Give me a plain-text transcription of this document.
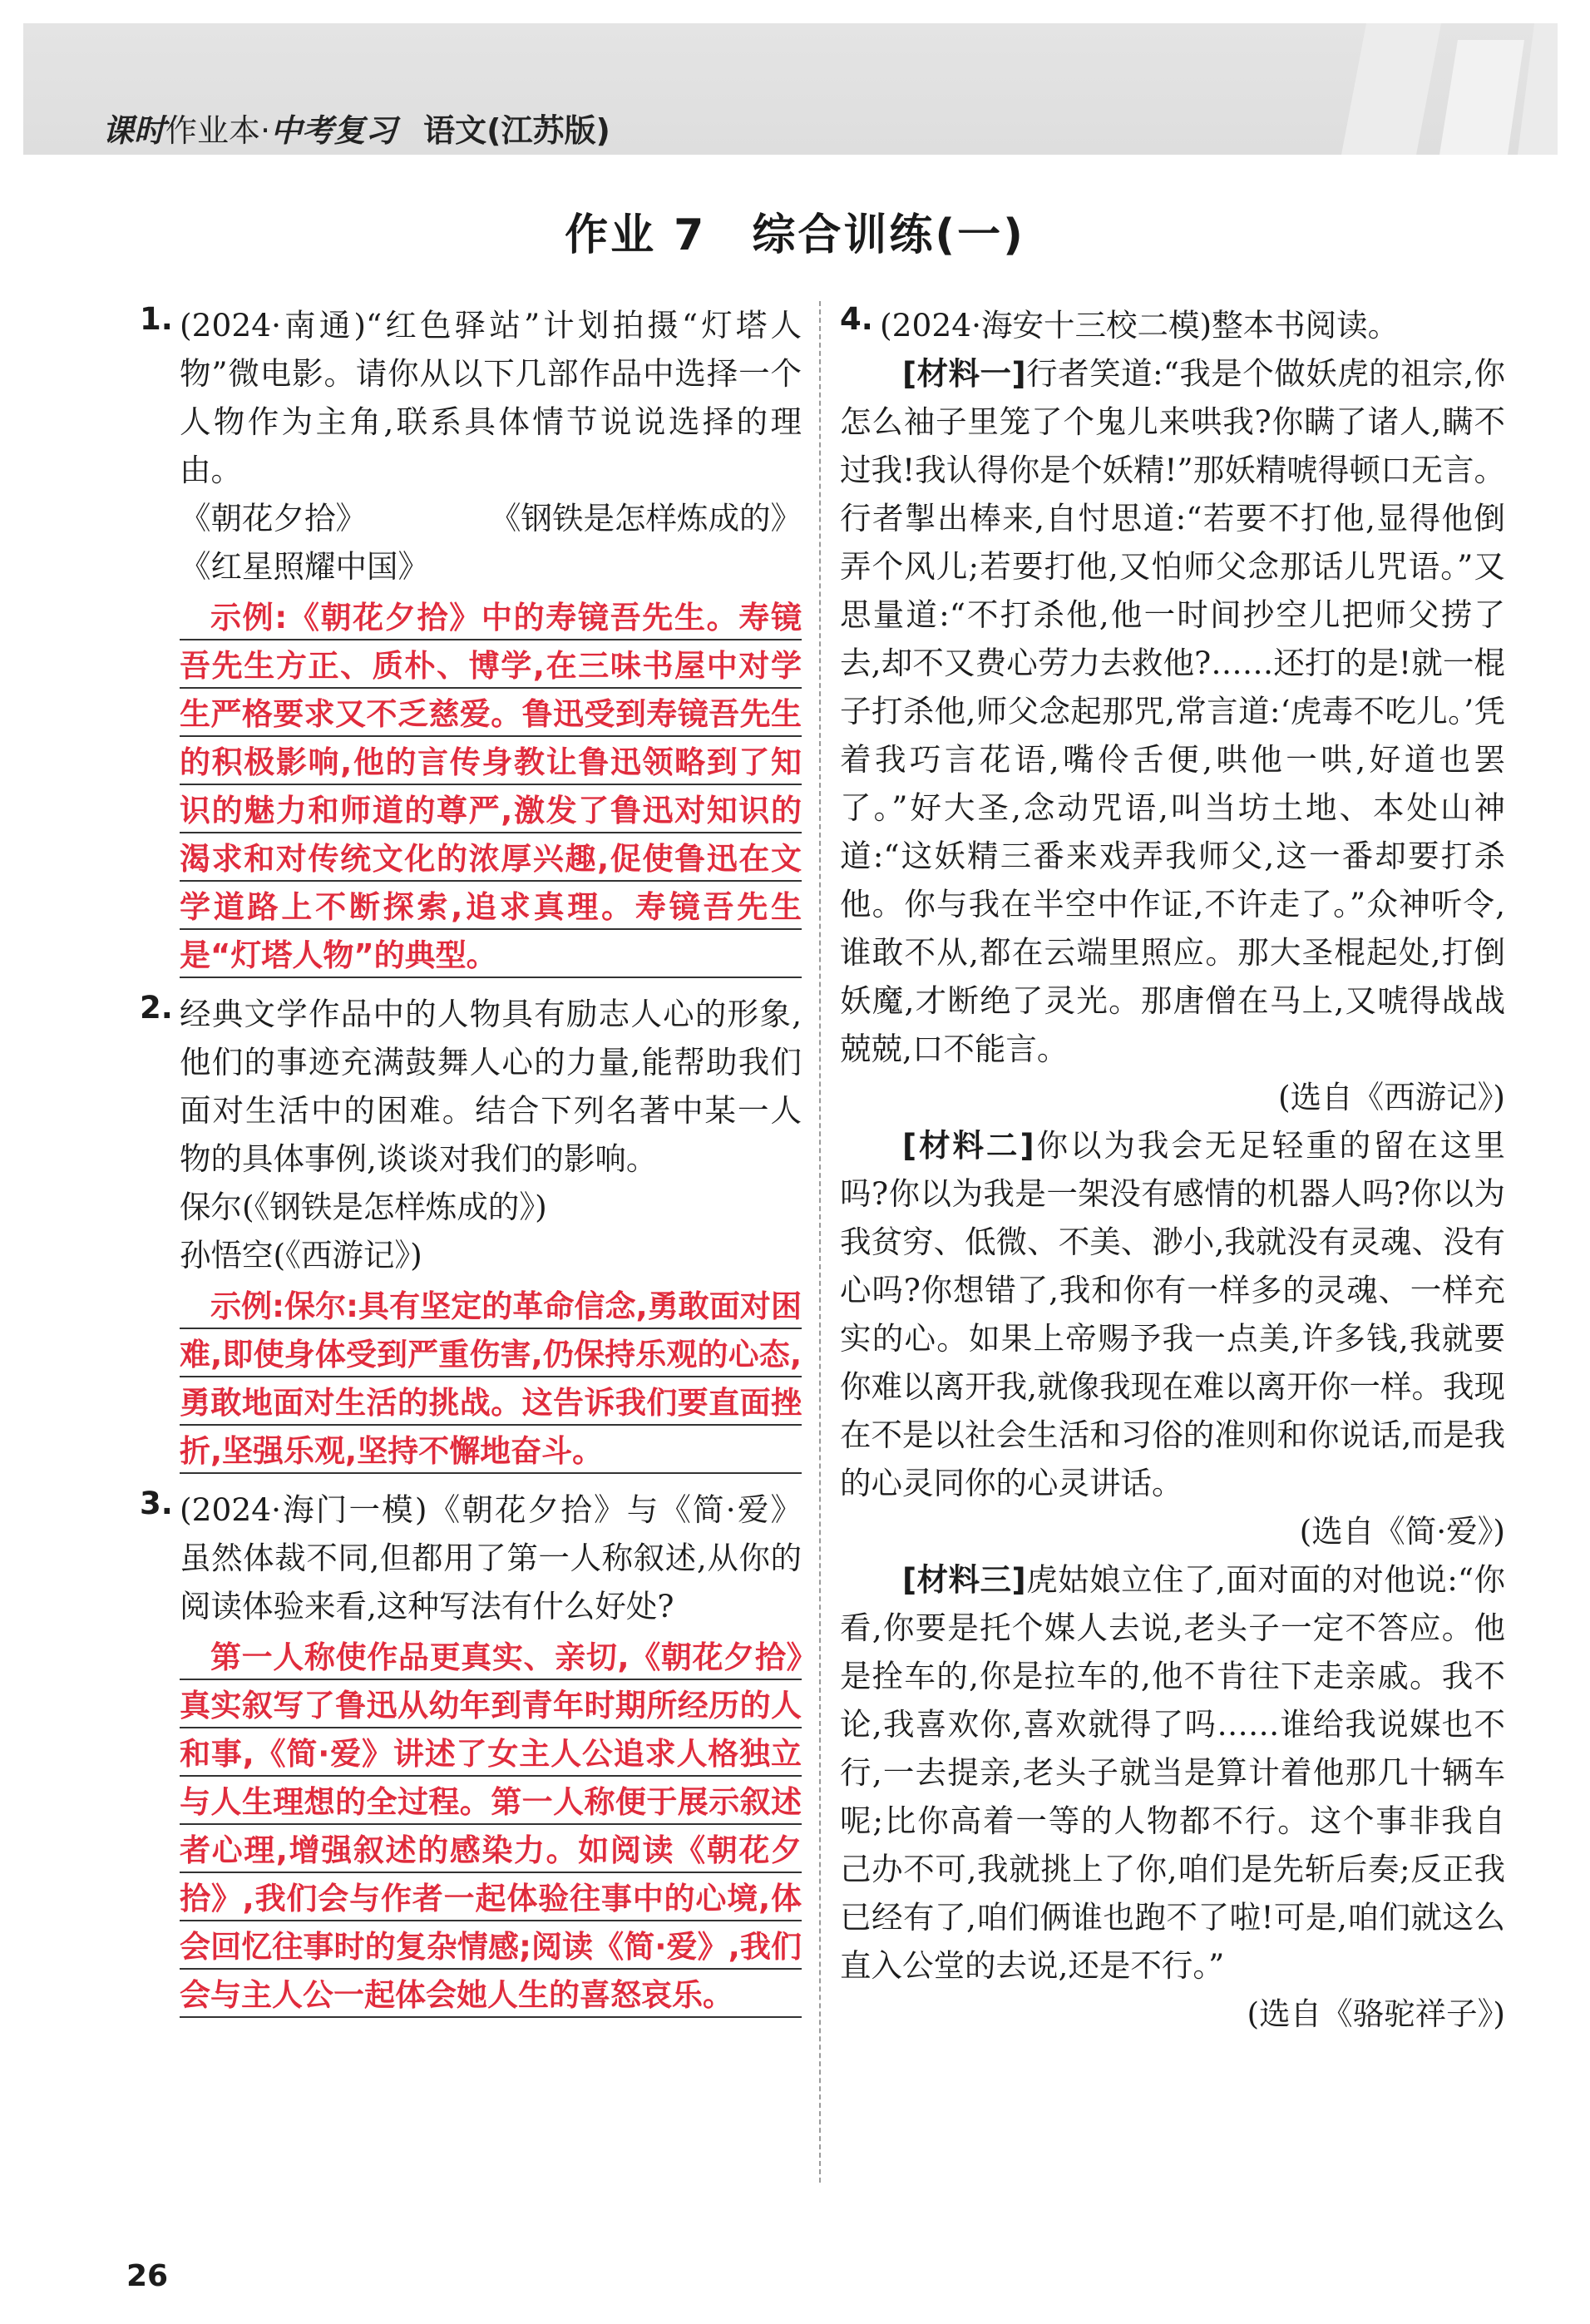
课时作业本·中考复习 语文(江苏版)
作业 7　综合训练(一)
1. (2024·南通)“红色驿站”计划拍摄“灯塔人物”微电影。请你从以下几部作品中选择一个人物作为主角,联系具体情节说说选择的理由。

《朝花夕拾》	《钢铁是怎样炼成的》

《红星照耀中国》

示例:《朝花夕拾》中的寿镜吾先生。寿镜吾先生方正、质朴、博学,在三味书屋中对学生严格要求又不乏慈爱。鲁迅受到寿镜吾先生的积极影响,他的言传身教让鲁迅领略到了知识的魅力和师道的尊严,激发了鲁迅对知识的渴求和对传统文化的浓厚兴趣,促使鲁迅在文学道路上不断探索,追求真理。寿镜吾先生是“灯塔人物”的典型。
2. 经典文学作品中的人物具有励志人心的形象,他们的事迹充满鼓舞人心的力量,能帮助我们面对生活中的困难。结合下列名著中某一人物的具体事例,谈谈对我们的影响。

保尔(《钢铁是怎样炼成的》)

孙悟空(《西游记》)

示例:保尔:具有坚定的革命信念,勇敢面对困难,即使身体受到严重伤害,仍保持乐观的心态,勇敢地面对生活的挑战。这告诉我们要直面挫折,坚强乐观,坚持不懈地奋斗。
3. (2024·海门一模)《朝花夕拾》与《简·爱》虽然体裁不同,但都用了第一人称叙述,从你的阅读体验来看,这种写法有什么好处?

第一人称使作品更真实、亲切,《朝花夕拾》真实叙写了鲁迅从幼年到青年时期所经历的人和事,《简·爱》讲述了女主人公追求人格独立与人生理想的全过程。第一人称便于展示叙述者心理,增强叙述的感染力。如阅读《朝花夕拾》,我们会与作者一起体验往事中的心境,体会回忆往事时的复杂情感;阅读《简·爱》,我们会与主人公一起体会她人生的喜怒哀乐。
4. (2024·海安十三校二模)整本书阅读。

[材料一]行者笑道:“我是个做妖虎的祖宗,你怎么袖子里笼了个鬼儿来哄我?你瞒了诸人,瞒不过我!我认得你是个妖精!”那妖精唬得顿口无言。行者掣出棒来,自忖思道:“若要不打他,显得他倒弄个风儿;若要打他,又怕师父念那话儿咒语。”又思量道:“不打杀他,他一时间抄空儿把师父捞了去,却不又费心劳力去救他?……还打的是!就一棍子打杀他,师父念起那咒,常言道:‘虎毒不吃儿。’凭着我巧言花语,嘴伶舌便,哄他一哄,好道也罢了。”好大圣,念动咒语,叫当坊土地、本处山神道:“这妖精三番来戏弄我师父,这一番却要打杀他。你与我在半空中作证,不许走了。”众神听令,谁敢不从,都在云端里照应。那大圣棍起处,打倒妖魔,才断绝了灵光。那唐僧在马上,又唬得战战兢兢,口不能言。

(选自《西游记》)

[材料二]你以为我会无足轻重的留在这里吗?你以为我是一架没有感情的机器人吗?你以为我贫穷、低微、不美、渺小,我就没有灵魂、没有心吗?你想错了,我和你有一样多的灵魂、一样充实的心。如果上帝赐予我一点美,许多钱,我就要你难以离开我,就像我现在难以离开你一样。我现在不是以社会生活和习俗的准则和你说话,而是我的心灵同你的心灵讲话。

(选自《简·爱》)

[材料三]虎姑娘立住了,面对面的对他说:“你看,你要是托个媒人去说,老头子一定不答应。他是拴车的,你是拉车的,他不肯往下走亲戚。我不论,我喜欢你,喜欢就得了吗……谁给我说媒也不行,一去提亲,老头子就当是算计着他那几十辆车呢;比你高着一等的人物都不行。这个事非我自己办不可,我就挑上了你,咱们是先斩后奏;反正我已经有了,咱们俩谁也跑不了啦!可是,咱们就这么直入公堂的去说,还是不行。”

(选自《骆驼祥子》)

26
